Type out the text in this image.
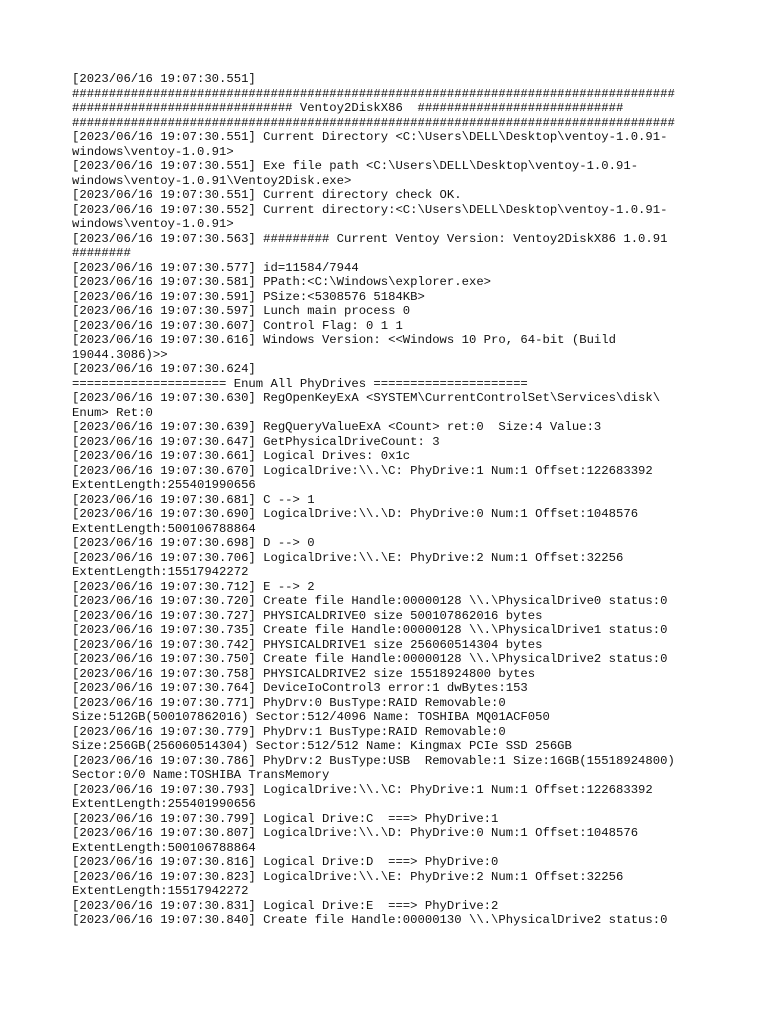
[2023/06/16 19:07:30.551]
##################################################################################
############################## Ventoy2DiskX86  ############################
##################################################################################
[2023/06/16 19:07:30.551] Current Directory <C:\Users\DELL\Desktop\ventoy-1.0.91-
windows\ventoy-1.0.91>
[2023/06/16 19:07:30.551] Exe file path <C:\Users\DELL\Desktop\ventoy-1.0.91-
windows\ventoy-1.0.91\Ventoy2Disk.exe>
[2023/06/16 19:07:30.551] Current directory check OK.
[2023/06/16 19:07:30.552] Current directory:<C:\Users\DELL\Desktop\ventoy-1.0.91-
windows\ventoy-1.0.91>
[2023/06/16 19:07:30.563] ######### Current Ventoy Version: Ventoy2DiskX86 1.0.91
########
[2023/06/16 19:07:30.577] id=11584/7944
[2023/06/16 19:07:30.581] PPath:<C:\Windows\explorer.exe>
[2023/06/16 19:07:30.591] PSize:<5308576 5184KB>
[2023/06/16 19:07:30.597] Lunch main process 0
[2023/06/16 19:07:30.607] Control Flag: 0 1 1
[2023/06/16 19:07:30.616] Windows Version: <<Windows 10 Pro, 64-bit (Build
19044.3086)>>
[2023/06/16 19:07:30.624]
===================== Enum All PhyDrives =====================
[2023/06/16 19:07:30.630] RegOpenKeyExA <SYSTEM\CurrentControlSet\Services\disk\
Enum> Ret:0
[2023/06/16 19:07:30.639] RegQueryValueExA <Count> ret:0  Size:4 Value:3
[2023/06/16 19:07:30.647] GetPhysicalDriveCount: 3
[2023/06/16 19:07:30.661] Logical Drives: 0x1c
[2023/06/16 19:07:30.670] LogicalDrive:\\.\C: PhyDrive:1 Num:1 Offset:122683392
ExtentLength:255401990656
[2023/06/16 19:07:30.681] C --> 1
[2023/06/16 19:07:30.690] LogicalDrive:\\.\D: PhyDrive:0 Num:1 Offset:1048576
ExtentLength:500106788864
[2023/06/16 19:07:30.698] D --> 0
[2023/06/16 19:07:30.706] LogicalDrive:\\.\E: PhyDrive:2 Num:1 Offset:32256
ExtentLength:15517942272
[2023/06/16 19:07:30.712] E --> 2
[2023/06/16 19:07:30.720] Create file Handle:00000128 \\.\PhysicalDrive0 status:0
[2023/06/16 19:07:30.727] PHYSICALDRIVE0 size 500107862016 bytes
[2023/06/16 19:07:30.735] Create file Handle:00000128 \\.\PhysicalDrive1 status:0
[2023/06/16 19:07:30.742] PHYSICALDRIVE1 size 256060514304 bytes
[2023/06/16 19:07:30.750] Create file Handle:00000128 \\.\PhysicalDrive2 status:0
[2023/06/16 19:07:30.758] PHYSICALDRIVE2 size 15518924800 bytes
[2023/06/16 19:07:30.764] DeviceIoControl3 error:1 dwBytes:153
[2023/06/16 19:07:30.771] PhyDrv:0 BusType:RAID Removable:0
Size:512GB(500107862016) Sector:512/4096 Name: TOSHIBA MQ01ACF050
[2023/06/16 19:07:30.779] PhyDrv:1 BusType:RAID Removable:0
Size:256GB(256060514304) Sector:512/512 Name: Kingmax PCIe SSD 256GB
[2023/06/16 19:07:30.786] PhyDrv:2 BusType:USB  Removable:1 Size:16GB(15518924800)
Sector:0/0 Name:TOSHIBA TransMemory
[2023/06/16 19:07:30.793] LogicalDrive:\\.\C: PhyDrive:1 Num:1 Offset:122683392
ExtentLength:255401990656
[2023/06/16 19:07:30.799] Logical Drive:C  ===> PhyDrive:1
[2023/06/16 19:07:30.807] LogicalDrive:\\.\D: PhyDrive:0 Num:1 Offset:1048576
ExtentLength:500106788864
[2023/06/16 19:07:30.816] Logical Drive:D  ===> PhyDrive:0
[2023/06/16 19:07:30.823] LogicalDrive:\\.\E: PhyDrive:2 Num:1 Offset:32256
ExtentLength:15517942272
[2023/06/16 19:07:30.831] Logical Drive:E  ===> PhyDrive:2
[2023/06/16 19:07:30.840] Create file Handle:00000130 \\.\PhysicalDrive2 status:0
